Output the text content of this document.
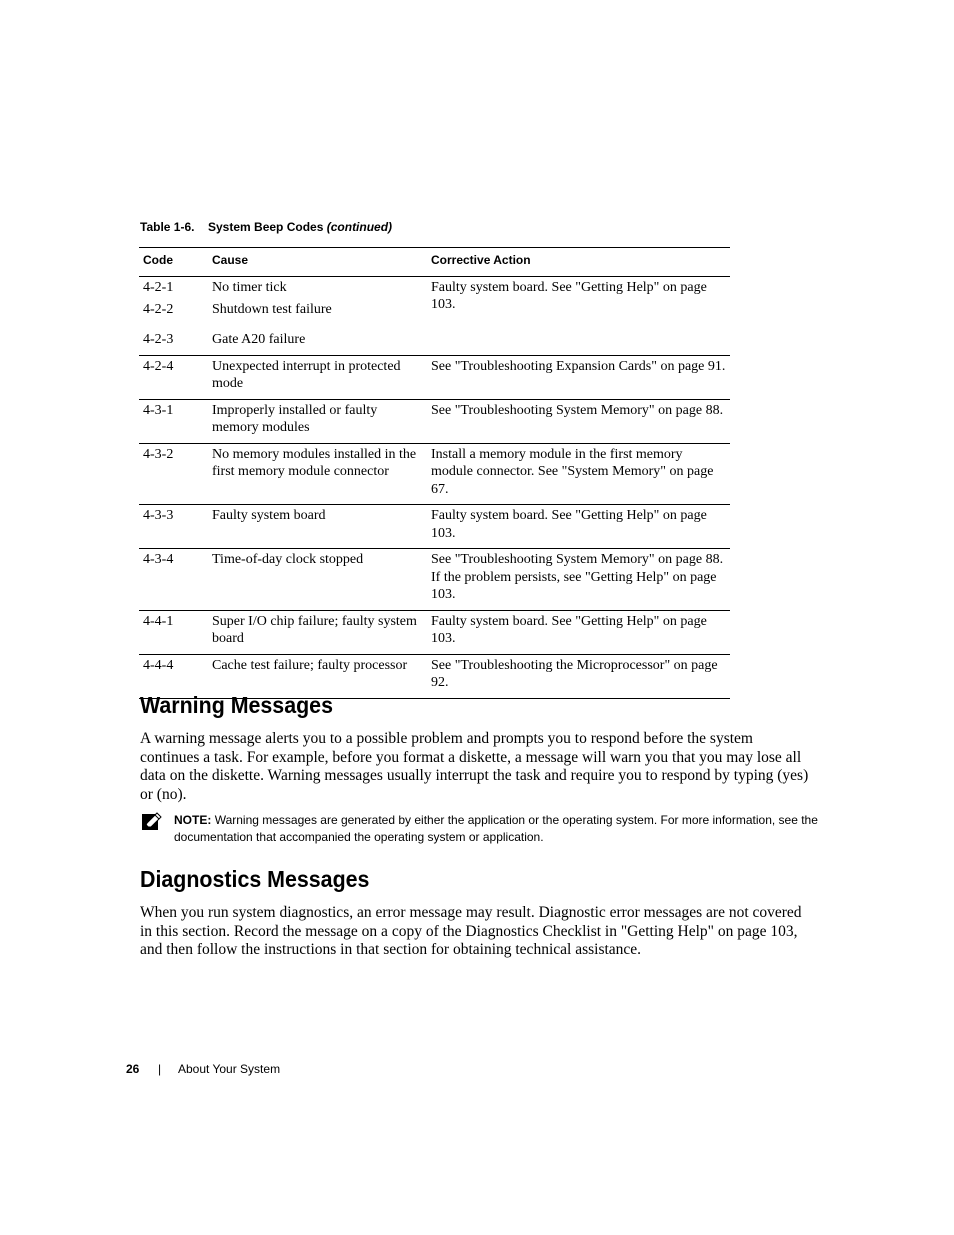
Table 1-6. System Beep Codes (continued)
Code	Cause	Corrective Action
4-2-1	No timer tick	Faulty system board. See "Getting Help" on page 103.
4-2-2	Shutdown test failure	
4-2-3	Gate A20 failure	
4-2-4	Unexpected interrupt in protected mode	See "Troubleshooting Expansion Cards" on page 91.
4-3-1	Improperly installed or faulty memory modules	See "Troubleshooting System Memory" on page 88.
4-3-2	No memory modules installed in the first memory module connector	Install a memory module in the first memory module connector. See "System Memory" on page 67.
4-3-3	Faulty system board	Faulty system board. See "Getting Help" on page 103.
4-3-4	Time-of-day clock stopped	See "Troubleshooting System Memory" on page 88. If the problem persists, see "Getting Help" on page 103.
4-4-1	Super I/O chip failure; faulty system board	Faulty system board. See "Getting Help" on page 103.
4-4-4	Cache test failure; faulty processor	See "Troubleshooting the Microprocessor" on page 92.
Warning Messages

A warning message alerts you to a possible problem and prompts you to respond before the system continues a task. For example, before you format a diskette, a message will warn you that you may lose all data on the diskette. Warning messages usually interrupt the task and require you to respond by typing (yes) or (no).

NOTE: Warning messages are generated by either the application or the operating system. For more information, see the documentation that accompanied the operating system or application.
Diagnostics Messages

When you run system diagnostics, an error message may result. Diagnostic error messages are not covered in this section. Record the message on a copy of the Diagnostics Checklist in "Getting Help" on page 103, and then follow the instructions in that section for obtaining technical assistance.

26 | About Your System
